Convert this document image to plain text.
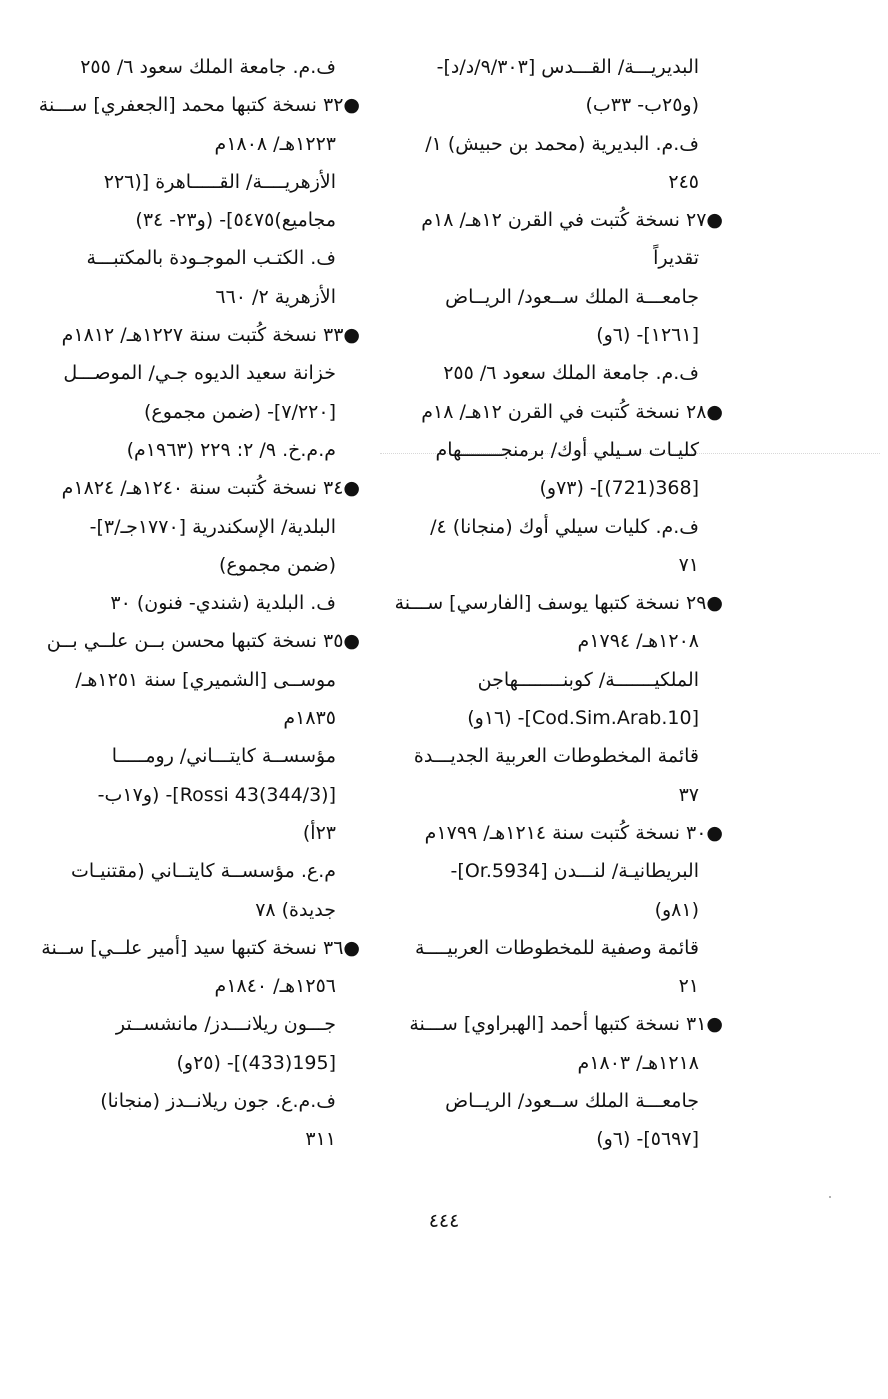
البديريـــة/ القـــدس [٩/٣٠٣/د/د]-
(و٢٥ب- ٣٣ب)
ف.م. البديرية (محمد بن حبيش) ١/
٢٤٥
●٢٧ نسخة كُتبت في القرن ١٢هـ/ ١٨م
تقديراً
جامعـــة الملك ســعود/ الريــاض
[١٢٦١]- (٦و)
ف.م. جامعة الملك سعود ٦/ ٢٥٥
●٢٨ نسخة كُتبت في القرن ١٢هـ/ ١٨م
كليـات سـيلي أوك/ برمنجـــــــهام
[368(721)]- (٧٣و)
ف.م. كليات سيلي أوك (منجانا) ٤/
٧١
●٢٩ نسخة كتبها يوسف [الفارسي] ســـنة
١٢٠٨هـ/ ١٧٩٤م
الملكيـــــــة/ كوبنــــــــهاجن
[Cod.Sim.Arab.10]- (١٦و)
قائمة المخطوطات العربية الجديـــدة
٣٧
●٣٠ نسخة كُتبت سنة ١٢١٤هـ/ ١٧٩٩م
البريطانيـة/ لنـــدن [Or.5934]-
(٨١و)
قائمة وصفية للمخطوطات العربيــــة
٢١
●٣١ نسخة كتبها أحمد [الهبراوي] ســـنة
١٢١٨هـ/ ١٨٠٣م
جامعـــة الملك ســعود/ الريــاض
[٥٦٩٧]- (٦و)
ف.م. جامعة الملك سعود ٦/ ٢٥٥
●٣٢ نسخة كتبها محمد [الجعفري] ســـنة
١٢٢٣هـ/ ١٨٠٨م
الأزهريــــة/ القـــــاهرة [(٢٢٦
مجاميع)٥٤٧٥]- (و٢٣- ٣٤)
ف. الكتـب الموجـودة بالمكتبـــة
الأزهرية ٢/ ٦٦٠
●٣٣ نسخة كُتبت سنة ١٢٢٧هـ/ ١٨١٢م
خزانة سعيد الديوه جـي/ الموصـــل
[٧/٢٢٠]- (ضمن مجموع)
م.م.خ. ٩/ ٢: ٢٢٩ (١٩٦٣م)
●٣٤ نسخة كُتبت سنة ١٢٤٠هـ/ ١٨٢٤م
البلدية/ الإسكندرية [١٧٧٠جـ/٣]-
(ضمن مجموع)
ف. البلدية (شندي- فنون) ٣٠
●٣٥ نسخة كتبها محسن بــن علــي بــن
موســى [الشميري] سنة ١٢٥١هـ/
١٨٣٥م
مؤسســة كايتـــاني/ رومـــــا
[Rossi 43(344/3)]- (و١٧ب-
٢٣أ)
م.ع. مؤسســة كايتــاني (مقتنيـات
جديدة) ٧٨
●٣٦ نسخة كتبها سيد [أمير علــي] ســنة
١٢٥٦هـ/ ١٨٤٠م
جـــون ريلانـــدز/ مانشســتر
[195(433)]- (٢٥و)
ف.م.ع. جون ريلانــدز (منجانا)
٣١١
٤٤٤
